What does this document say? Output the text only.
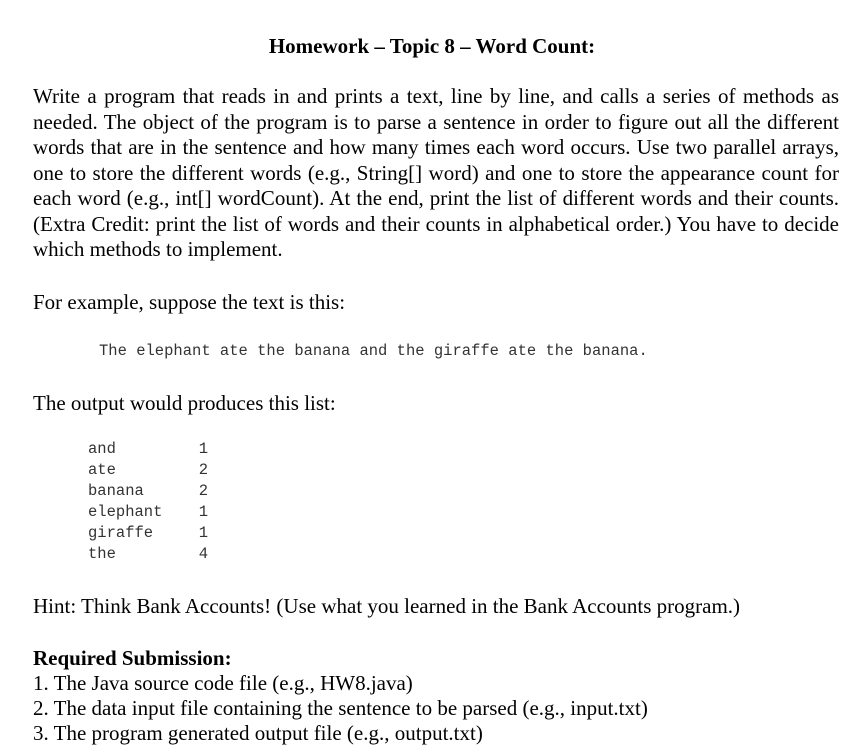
Homework – Topic 8 – Word Count:

Write a program that reads in and prints a text, line by line, and calls a series of methods as needed. The object of the program is to parse a sentence in order to figure out all the different words that are in the sentence and how many times each word occurs. Use two parallel arrays, one to store the different words (e.g., String[] word) and one to store the appearance count for each word (e.g., int[] wordCount). At the end, print the list of different words and their counts. (Extra Credit: print the list of words and their counts in alphabetical order.) You have to decide which methods to implement.

For example, suppose the text is this:

The elephant ate the banana and the giraffe ate the banana.

The output would produces this list:

and	1
ate	2
banana	2
elephant	1
giraffe	1
the	4

Hint: Think Bank Accounts! (Use what you learned in the Bank Accounts program.)

Required Submission:

1. The Java source code file (e.g., HW8.java)

2. The data input file containing the sentence to be parsed (e.g., input.txt)

3. The program generated output file (e.g., output.txt)
